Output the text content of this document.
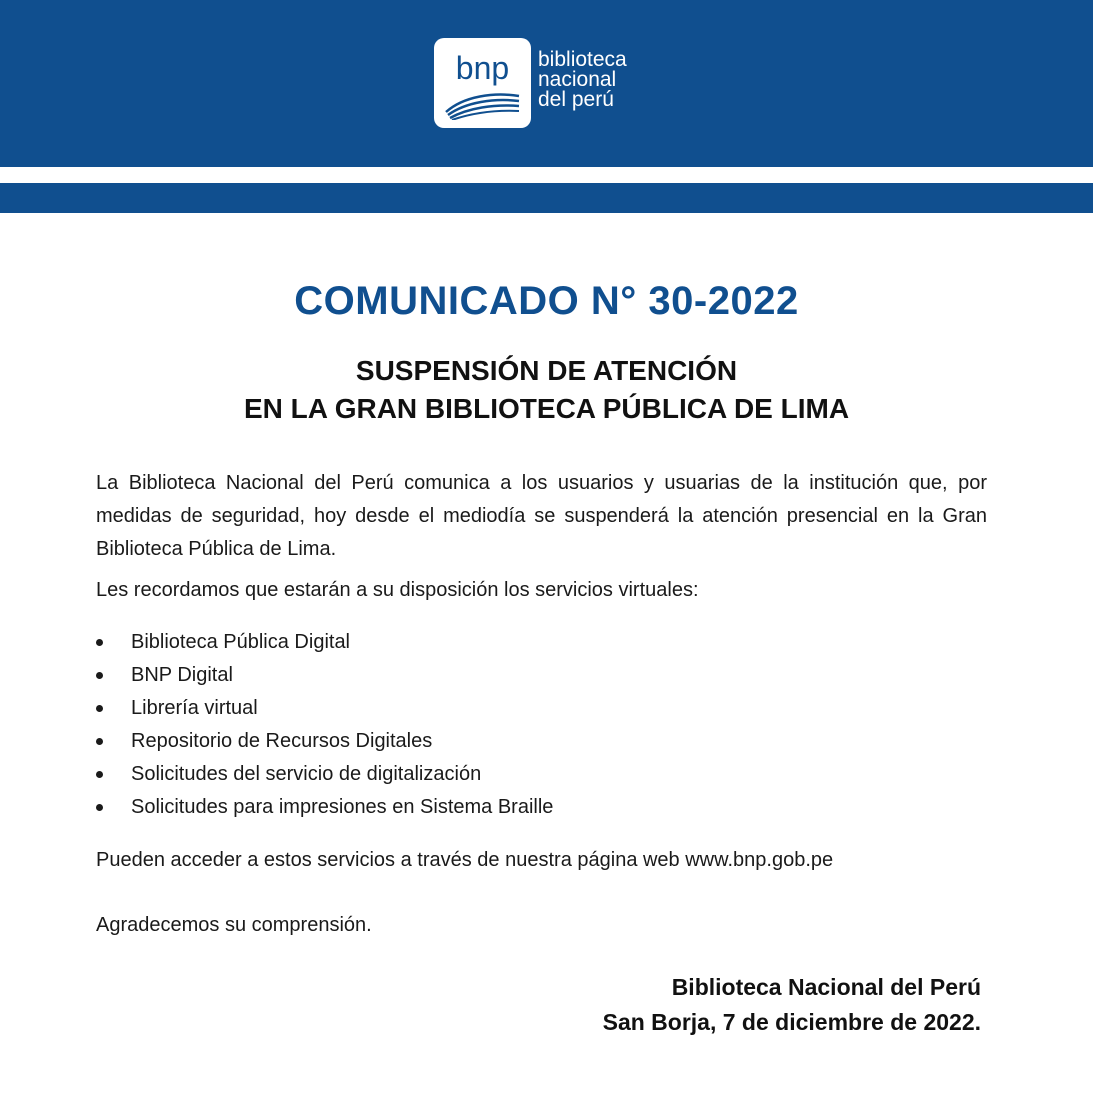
bnp	biblioteca
nacional
del perú
COMUNICADO N° 30-2022
SUSPENSIÓN DE ATENCIÓN
EN LA GRAN BIBLIOTECA PÚBLICA DE LIMA
La Biblioteca Nacional del Perú comunica a los usuarios y usuarias de la institución que, por medidas de seguridad, hoy desde el mediodía se suspenderá la atención presencial en la Gran Biblioteca Pública de Lima.
Les recordamos que estarán a su disposición los servicios virtuales:
Biblioteca Pública Digital
BNP Digital
Librería virtual
Repositorio de Recursos Digitales
Solicitudes del servicio de digitalización
Solicitudes para impresiones en Sistema Braille
Pueden acceder a estos servicios a través de nuestra página web www.bnp.gob.pe
Agradecemos su comprensión.
Biblioteca Nacional del Perú
San Borja, 7 de diciembre de 2022.
